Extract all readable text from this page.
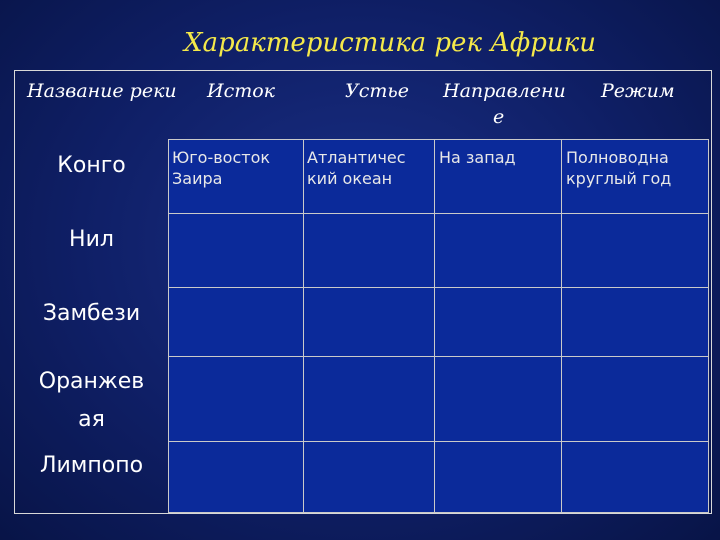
Характеристика рек Африки
Название реки Исток	Устье Направлени
е
Режим
Конго
Нил
Замбези
Оранжев
ая
Лимпопо
Юго-восток
Заира
Атлантичес
кий океан
На запад	Полноводна
круглый год
